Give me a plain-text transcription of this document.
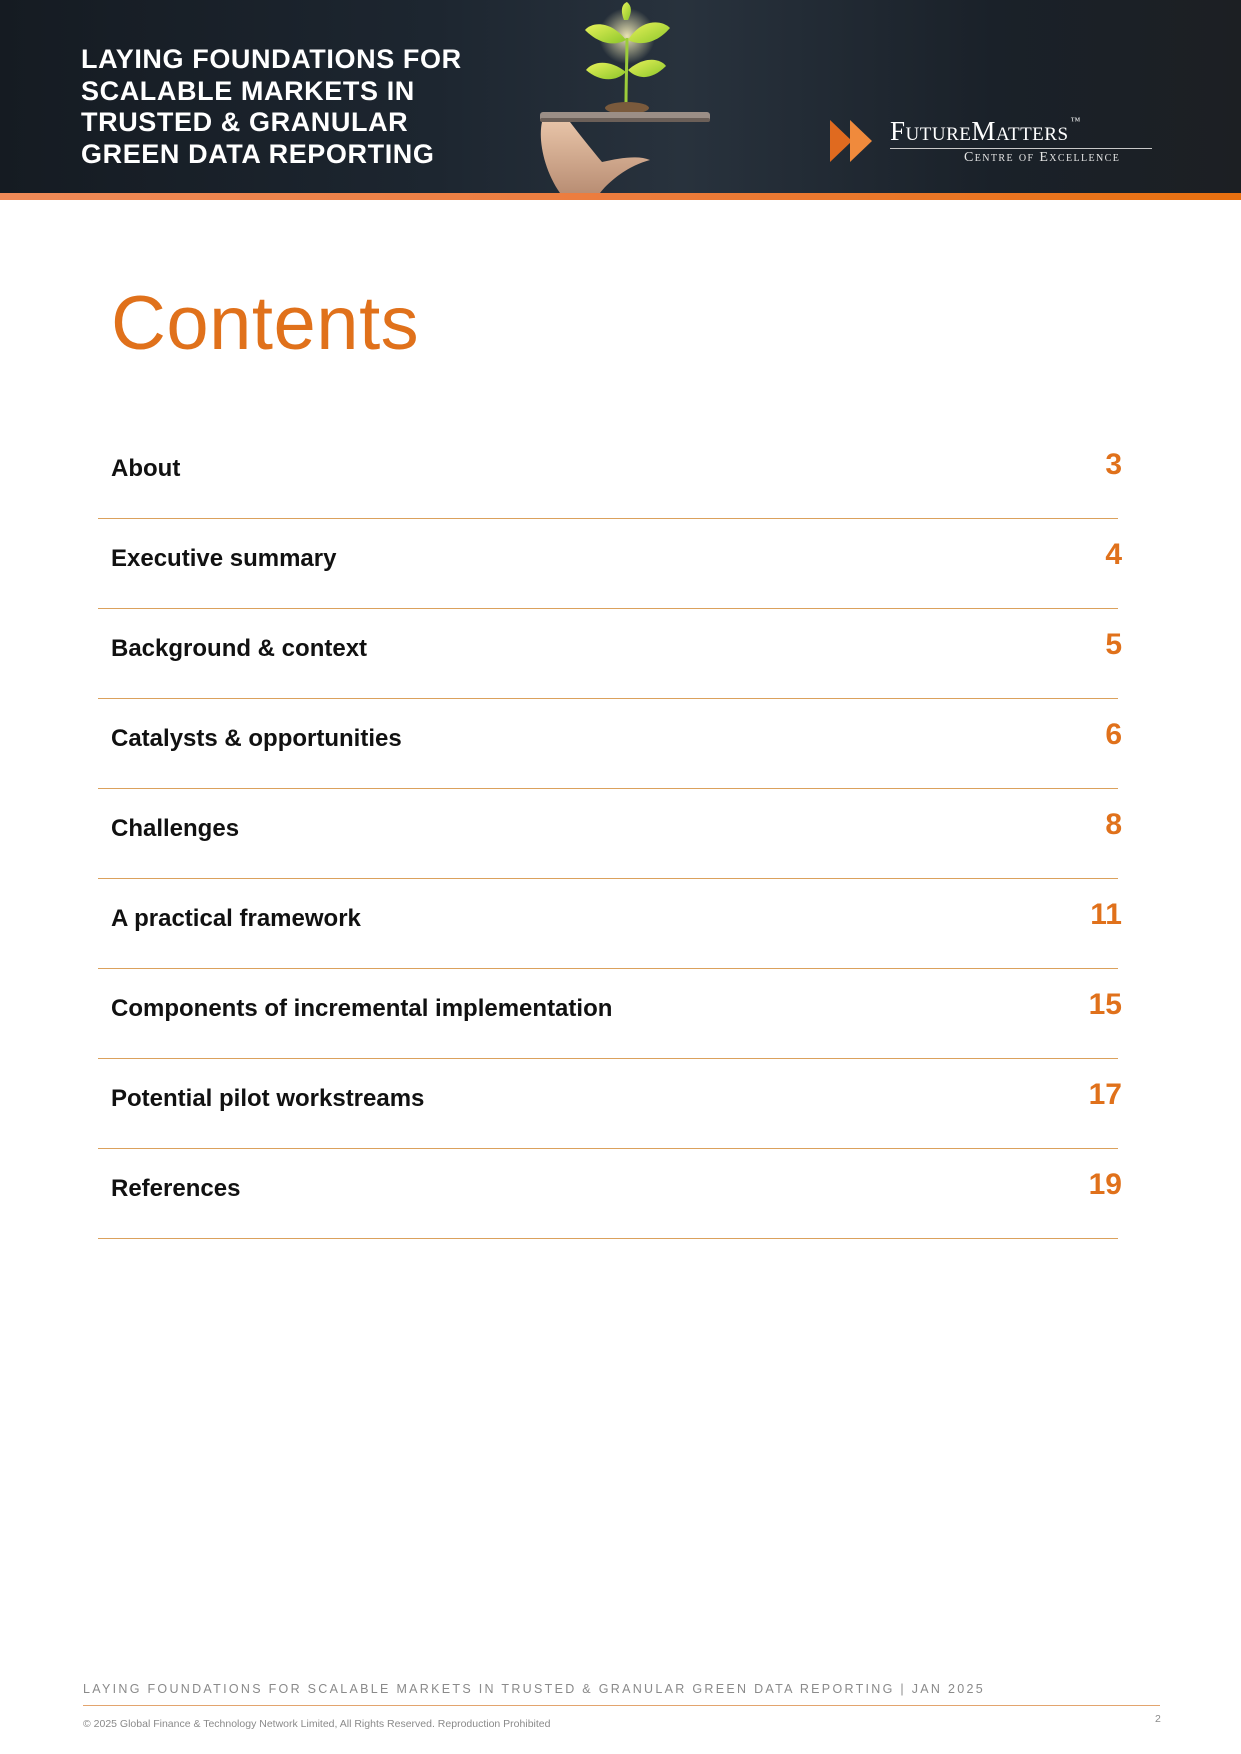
LAYING FOUNDATIONS FOR
SCALABLE MARKETS IN
TRUSTED & GRANULAR
GREEN DATA REPORTING
FutureMatters ™
Centre of Excellence
Contents
About	3
Executive summary	4
Background & context	5
Catalysts & opportunities	6
Challenges	8
A practical framework	11
Components of incremental implementation	15
Potential pilot workstreams	17
References	19
LAYING FOUNDATIONS FOR SCALABLE MARKETS IN TRUSTED & GRANULAR GREEN DATA REPORTING | JAN 2025
© 2025 Global Finance & Technology Network Limited, All Rights Reserved. Reproduction Prohibited	2
